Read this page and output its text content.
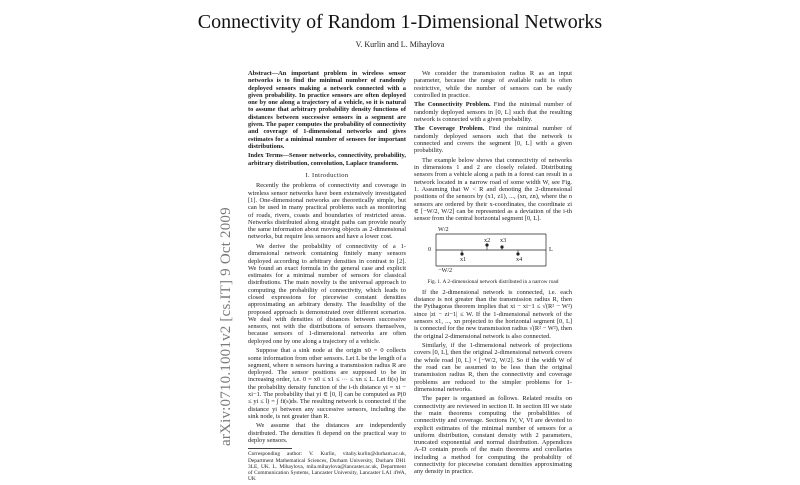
arXiv:0710.1001v2 [cs.IT] 9 Oct 2009
Connectivity of Random 1-Dimensional Networks
V. Kurlin and L. Mihaylova

Abstract—An important problem in wireless sensor networks is to find the minimal number of randomly deployed sensors making a network connected with a given probability. In practice sensors are often deployed one by one along a trajectory of a vehicle, so it is natural to assume that arbitrary probability density functions of distances between successive sensors in a segment are given. The paper computes the probability of connectivity and coverage of 1-dimensional networks and gives estimates for a minimal number of sensors for important distributions.

Index Terms—Sensor networks, connectivity, probability, arbitrary distribution, convolution, Laplace transform.

I. Introduction

Recently the problems of connectivity and coverage in wireless sensor networks have been extensively investigated [1]. One-dimensional networks are theoretically simple, but can be used in many practical problems such as monitoring of roads, rivers, coasts and boundaries of restricted areas. Networks distributed along straight paths can provide nearly the same information about moving objects as 2-dimensional networks, but require less sensors and have a lower cost.

We derive the probability of connectivity of a 1-dimensional network containing finitely many sensors deployed according to arbitrary densities in contrast to [2]. We found an exact formula in the general case and explicit estimates for a minimal number of sensors for classical distributions. The main novelty is the universal approach to computing the probability of connectivity, which leads to closed expressions for piecewise constant densities approximating an arbitrary density. The feasibility of the proposed approach is demonstrated over different scenarios. We deal with densities of distances between successive sensors, not with the distributions of sensors themselves, because sensors of 1-dimensional networks are often deployed one by one along a trajectory of a vehicle.

Suppose that a sink node at the origin x0 = 0 collects some information from other sensors. Let L be the length of a segment, where n sensors having a transmission radius R are deployed. The sensor positions are supposed to be in increasing order, i.e. 0 = x0 ≤ x1 ≤ ··· ≤ xn ≤ L. Let fi(s) be the probability density function of the i-th distance yi = xi − xi−1. The probability that yi ∈ [0, l] can be computed as P(0 ≤ yi ≤ l) = ∫ fi(s)ds. The resulting network is connected if the distance yi between any successive sensors, including the sink node, is not greater than R.

We assume that the distances are independently distributed. The densities fi depend on the practical way to deploy sensors.

Corresponding author: V. Kurlin, vitaliy.kurlin@durham.ac.uk, Department Mathematical Sciences, Durham University, Durham DH1 3LE, UK. L. Mihaylova, mila.mihaylova@lancaster.ac.uk, Department of Communication Systems, Lancaster University, Lancaster LA1 4WA, UK

We consider the transmission radius R as an input parameter, because the range of available radii is often restrictive, while the number of sensors can be easily controlled in practice.

The Connectivity Problem. Find the minimal number of randomly deployed sensors in [0, L] such that the resulting network is connected with a given probability.

The Coverage Problem. Find the minimal number of randomly deployed sensors such that the network is connected and covers the segment [0, L] with a given probability.

The example below shows that connectivity of networks in dimensions 1 and 2 are closely related. Distributing sensors from a vehicle along a path in a forest can result in a network located in a narrow road of some width W, see Fig. 1. Assuming that W < R and denoting the 2-dimensional positions of the sensors by (x1, z1), ..., (xn, zn), where the n sensors are ordered by their x-coordinates, the coordinate zi ∈ [−W/2, W/2] can be represented as a deviation of the i-th sensor from the central horizontal segment [0, L].

W/2
−W/2
0	L
x1
x2 x3
x4

Fig. 1. A 2-dimensional network distributed in a narrow road

If the 2-dimensional network is connected, i.e. each distance is not greater than the transmission radius R, then the Pythagoras theorem implies that xi − xi−1 ≤ √(R² − W²) since |zi − zi−1| ≤ W. If the 1-dimensional network of the sensors x1, ..., xn projected to the horizontal segment [0, L] is connected for the new transmission radius √(R² − W²), then the original 2-dimensional network is also connected.

Similarly, if the 1-dimensional network of projections covers [0, L], then the original 2-dimensional network covers the whole road [0, L] × [−W/2, W/2]. So if the width W of the road can be assumed to be less than the original transmission radius R, then the connectivity and coverage problems are reduced to the simpler problems for 1-dimensional networks.

The paper is organised as follows. Related results on connectivity are reviewed in section II. In section III we state the main theorems computing the probabilities of connectivity and coverage. Sections IV, V, VI are devoted to explicit estimates of the minimal number of sensors for a uniform distribution, constant density with 2 parameters, truncated exponential and normal distribution. Appendices A–D contain proofs of the main theorems and corollaries including a method for computing the probability of connectivity for piecewise constant densities approximating any density in practice.
